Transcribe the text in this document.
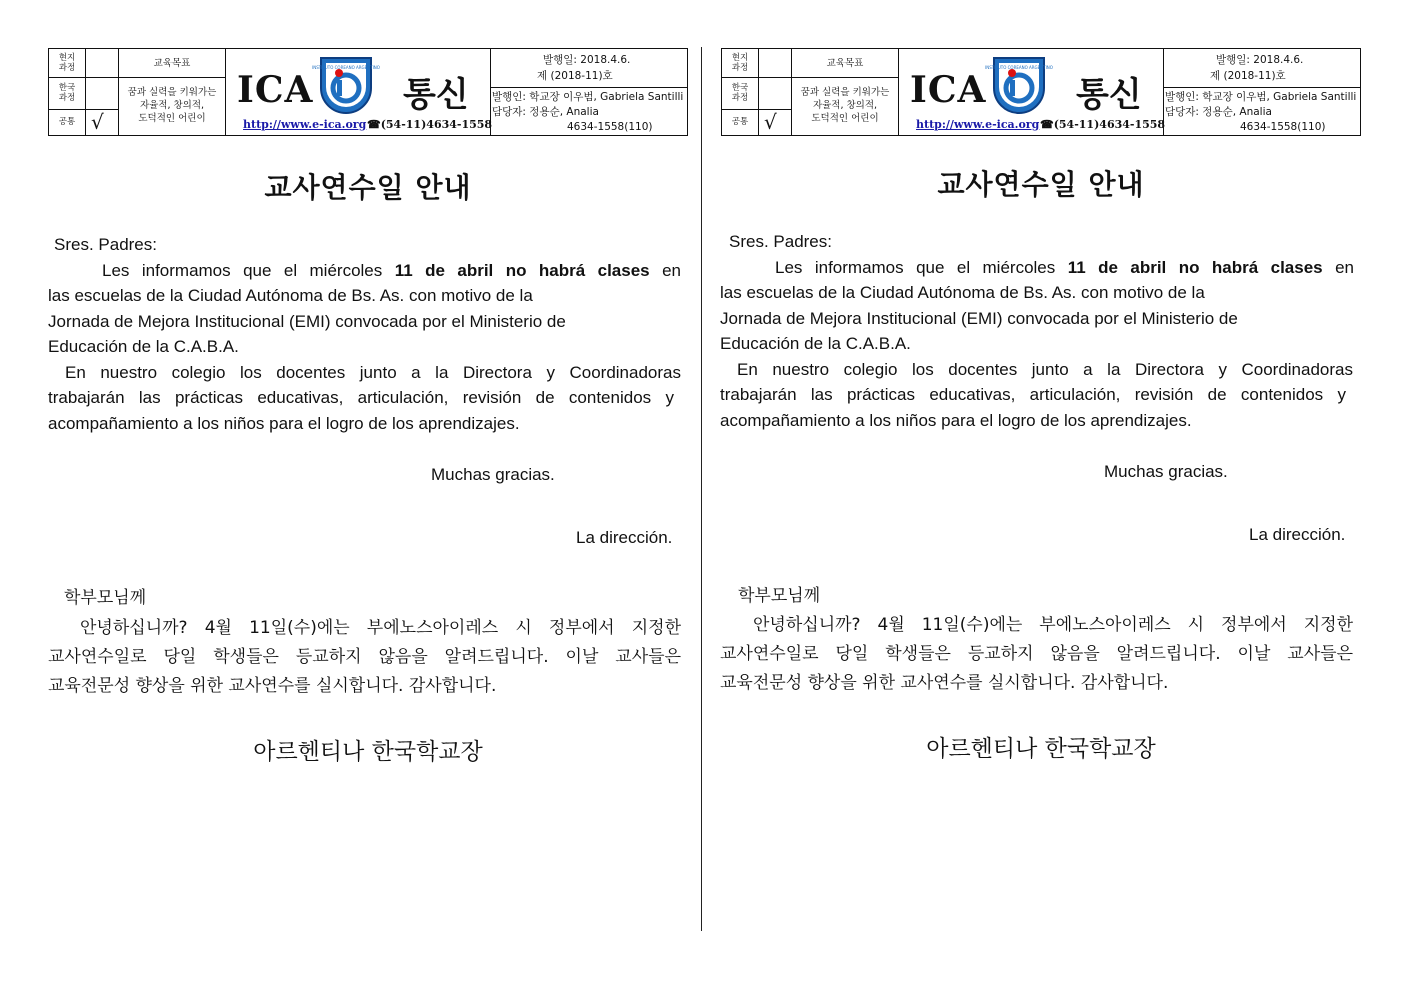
현지
과정
한국
과정
공통 √
교육목표
꿈과 실력을 키워가는
자율적, 창의적,
도덕적인 어린이
ICA
INSTITUTO COREANO ARGENTINO
통신
http://www.e-ica.org ☎(54-11)4634-1558
발행일: 2018.4.6.
제 (2018-11)호
발행인: 학교장 이우범, Gabriela Santilli
담당자: 정용순, Analia
4634-1558(110)
교사연수일 안내
Sres. Padres:
Les informamos que el miércoles 11 de abril no habrá clases en
las escuelas de la Ciudad Autónoma de Bs. As. con motivo de la
Jornada de Mejora Institucional (EMI) convocada por el Ministerio de
Educación de la C.A.B.A.
En nuestro colegio los docentes junto a la Directora y Coordinadoras
trabajarán las prácticas educativas, articulación, revisión de contenidos y
acompañamiento a los niños para el logro de los aprendizajes.
Muchas gracias.
La dirección.
학부모님께
안녕하십니까? 4월 11일(수)에는 부에노스아이레스 시 정부에서 지정한
교사연수일로 당일 학생들은 등교하지 않음을 알려드립니다. 이날 교사들은
교육전문성 향상을 위한 교사연수를 실시합니다. 감사합니다.
아르헨티나 한국학교장
현지
과정
한국
과정
공통 √
교육목표
꿈과 실력을 키워가는
자율적, 창의적,
도덕적인 어린이
ICA
INSTITUTO COREANO ARGENTINO
통신
http://www.e-ica.org ☎(54-11)4634-1558
발행일: 2018.4.6.
제 (2018-11)호
발행인: 학교장 이우범, Gabriela Santilli
담당자: 정용순, Analia
4634-1558(110)
교사연수일 안내
Sres. Padres:
Les informamos que el miércoles 11 de abril no habrá clases en
las escuelas de la Ciudad Autónoma de Bs. As. con motivo de la
Jornada de Mejora Institucional (EMI) convocada por el Ministerio de
Educación de la C.A.B.A.
En nuestro colegio los docentes junto a la Directora y Coordinadoras
trabajarán las prácticas educativas, articulación, revisión de contenidos y
acompañamiento a los niños para el logro de los aprendizajes.
Muchas gracias.
La dirección.
학부모님께
안녕하십니까? 4월 11일(수)에는 부에노스아이레스 시 정부에서 지정한
교사연수일로 당일 학생들은 등교하지 않음을 알려드립니다. 이날 교사들은
교육전문성 향상을 위한 교사연수를 실시합니다. 감사합니다.
아르헨티나 한국학교장
